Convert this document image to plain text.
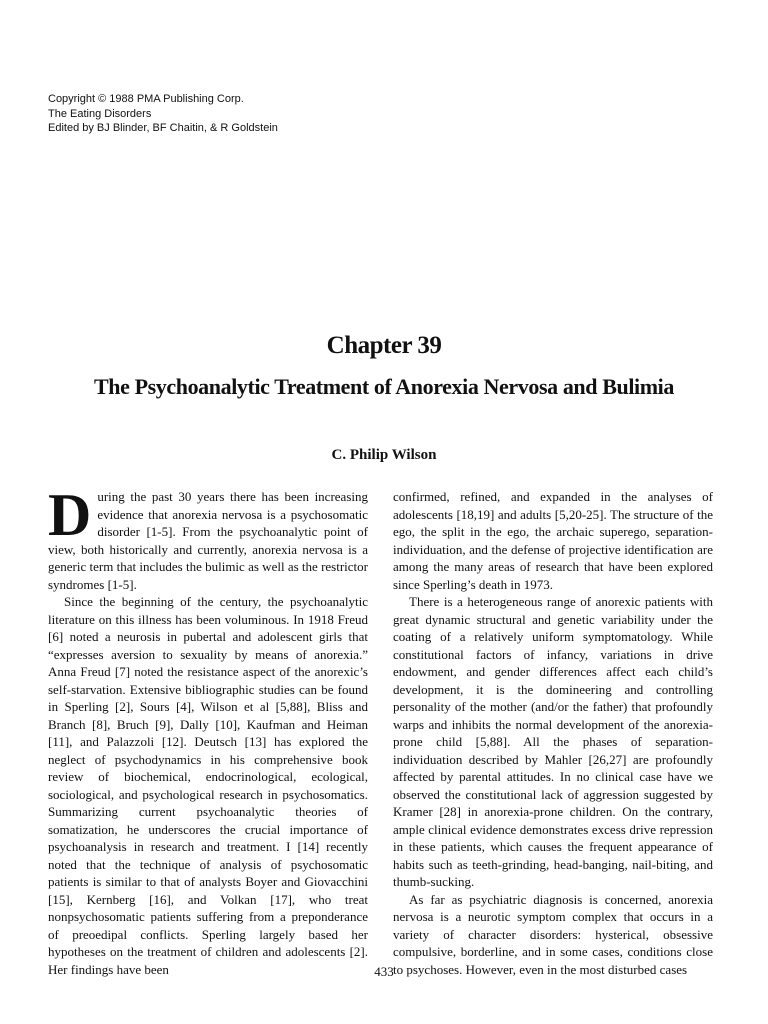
Copyright © 1988 PMA Publishing Corp.
The Eating Disorders
Edited by BJ Blinder, BF Chaitin, & R Goldstein
Chapter 39
The Psychoanalytic Treatment of Anorexia Nervosa and Bulimia
C. Philip Wilson

During the past 30 years there has been increasing evidence that anorexia nervosa is a psychosomatic disorder [1-5]. From the psychoanalytic point of view, both historically and currently, anorexia nervosa is a generic term that includes the bulimic as well as the restrictor syndromes [1-5].

Since the beginning of the century, the psychoanalytic literature on this illness has been voluminous. In 1918 Freud [6] noted a neurosis in pubertal and adolescent girls that “expresses aversion to sexuality by means of anorexia.” Anna Freud [7] noted the resistance aspect of the anorexic’s self-starvation. Extensive bibliographic studies can be found in Sperling [2], Sours [4], Wilson et al [5,88], Bliss and Branch [8], Bruch [9], Dally [10], Kaufman and Heiman [11], and Palazzoli [12]. Deutsch [13] has explored the neglect of psychodynamics in his comprehensive book review of biochemical, endocrinological, ecological, sociological, and psychological research in psychosomatics. Summarizing current psychoanalytic theories of somatization, he underscores the crucial importance of psychoanalysis in research and treatment. I [14] recently noted that the technique of analysis of psychosomatic patients is similar to that of analysts Boyer and Giovacchini [15], Kernberg [16], and Volkan [17], who treat nonpsychosomatic patients suffering from a preponderance of preoedipal conflicts. Sperling largely based her hypotheses on the treatment of children and adolescents [2]. Her findings have been

confirmed, refined, and expanded in the analyses of adolescents [18,19] and adults [5,20-25]. The structure of the ego, the split in the ego, the archaic superego, separation-individuation, and the defense of projective identification are among the many areas of research that have been explored since Sperling’s death in 1973.

There is a heterogeneous range of anorexic patients with great dynamic structural and genetic variability under the coating of a relatively uniform symptomatology. While constitutional factors of infancy, variations in drive endowment, and gender differences affect each child’s development, it is the domineering and controlling personality of the mother (and/or the father) that profoundly warps and inhibits the normal development of the anorexia-prone child [5,88]. All the phases of separation- individuation described by Mahler [26,27] are profoundly affected by parental attitudes. In no clinical case have we observed the constitutional lack of aggression suggested by Kramer [28] in anorexia-prone children. On the contrary, ample clinical evidence demonstrates excess drive repression in these patients, which causes the frequent appearance of habits such as teeth-grinding, head-banging, nail-biting, and thumb-sucking.

As far as psychiatric diagnosis is concerned, anorexia nervosa is a neurotic symptom complex that occurs in a variety of character disorders: hysterical, obsessive compulsive, borderline, and in some cases, conditions close to psychoses. However, even in the most disturbed cases

433
